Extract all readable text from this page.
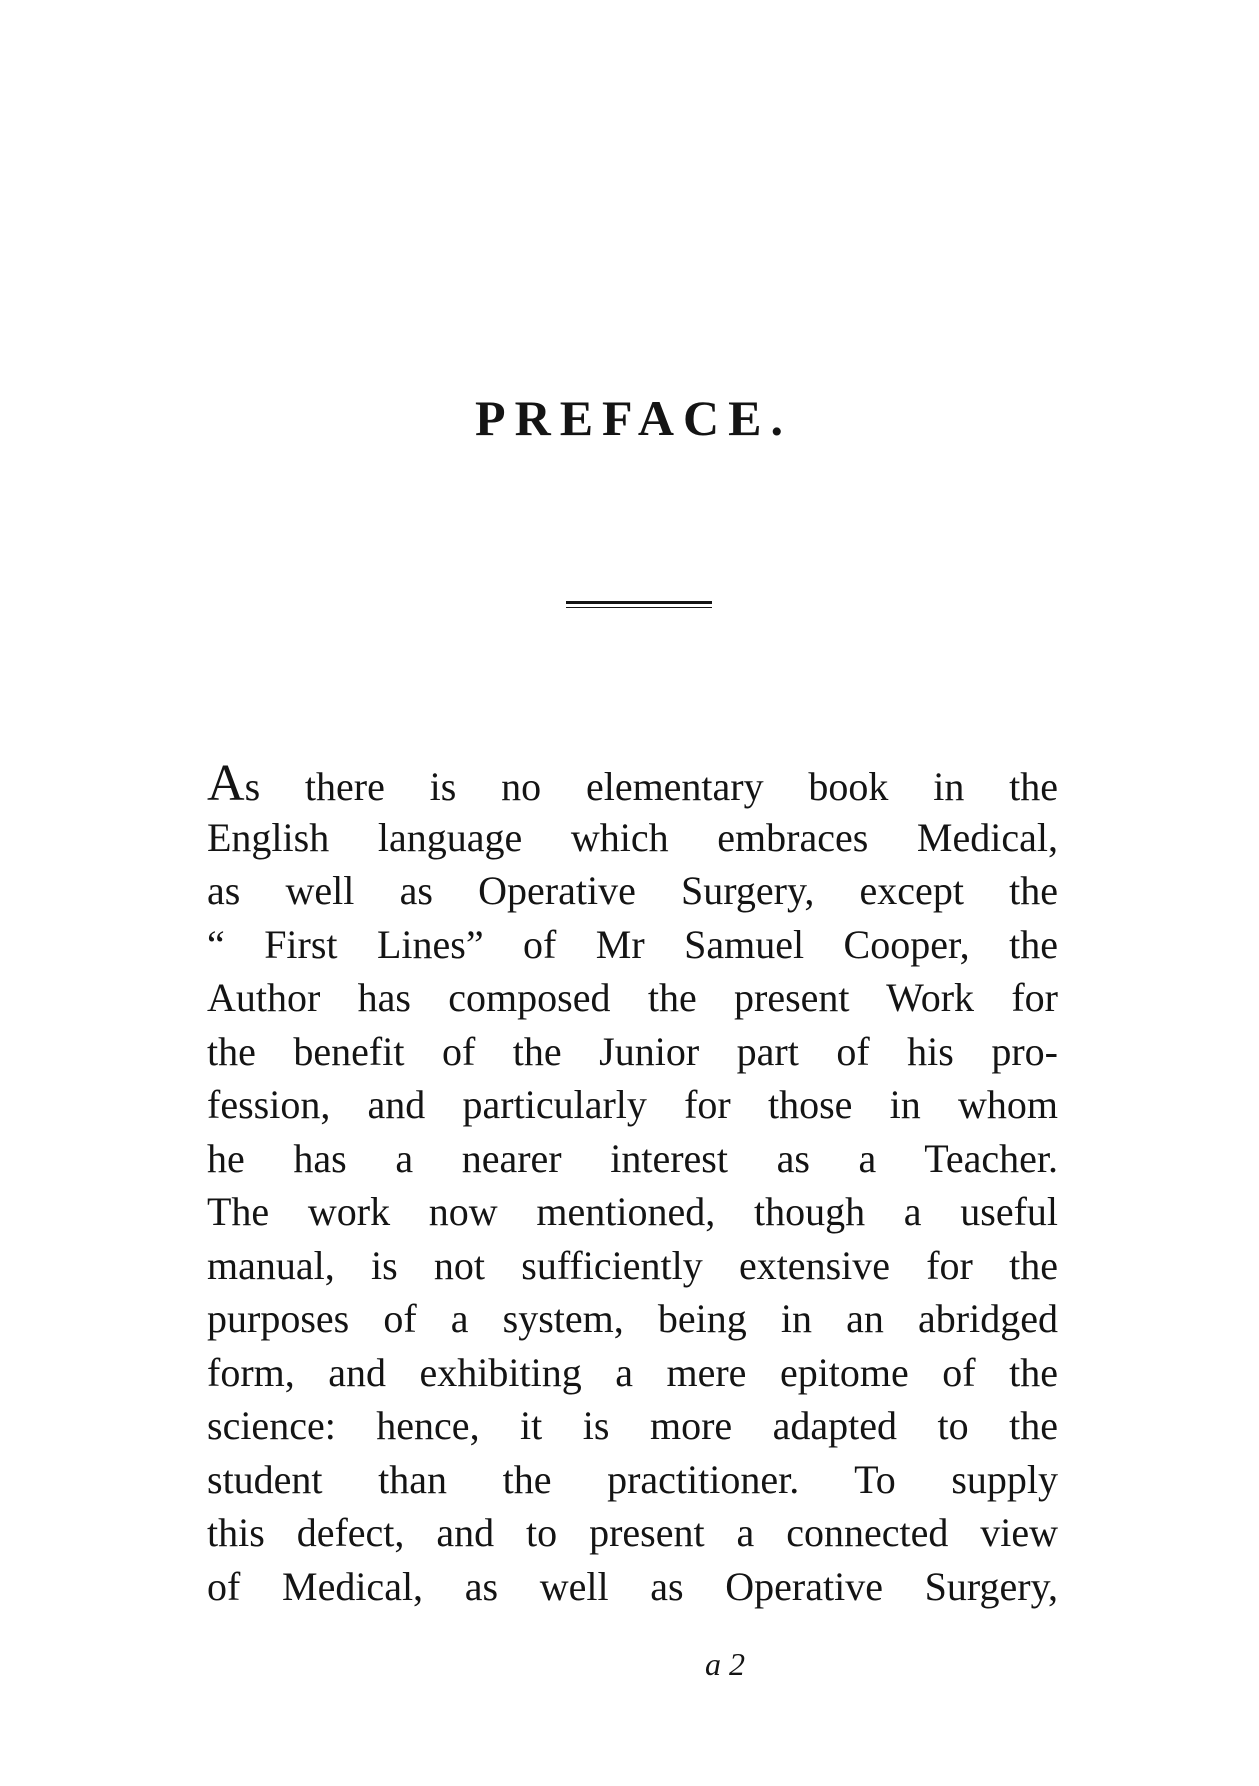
PREFACE.
As there is no elementary book in the
English language which embraces Medical,
as well as Operative Surgery, except the
“ First Lines” of Mr Samuel Cooper, the
Author has composed the present Work for
the benefit of the Junior part of his pro-
fession, and particularly for those in whom
he has a nearer interest as a Teacher.
The work now mentioned, though a useful
manual, is not sufficiently extensive for the
purposes of a system, being in an abridged
form, and exhibiting a mere epitome of the
science: hence, it is more adapted to the
student than the practitioner. To supply
this defect, and to present a connected view
of Medical, as well as Operative Surgery,
a 2
